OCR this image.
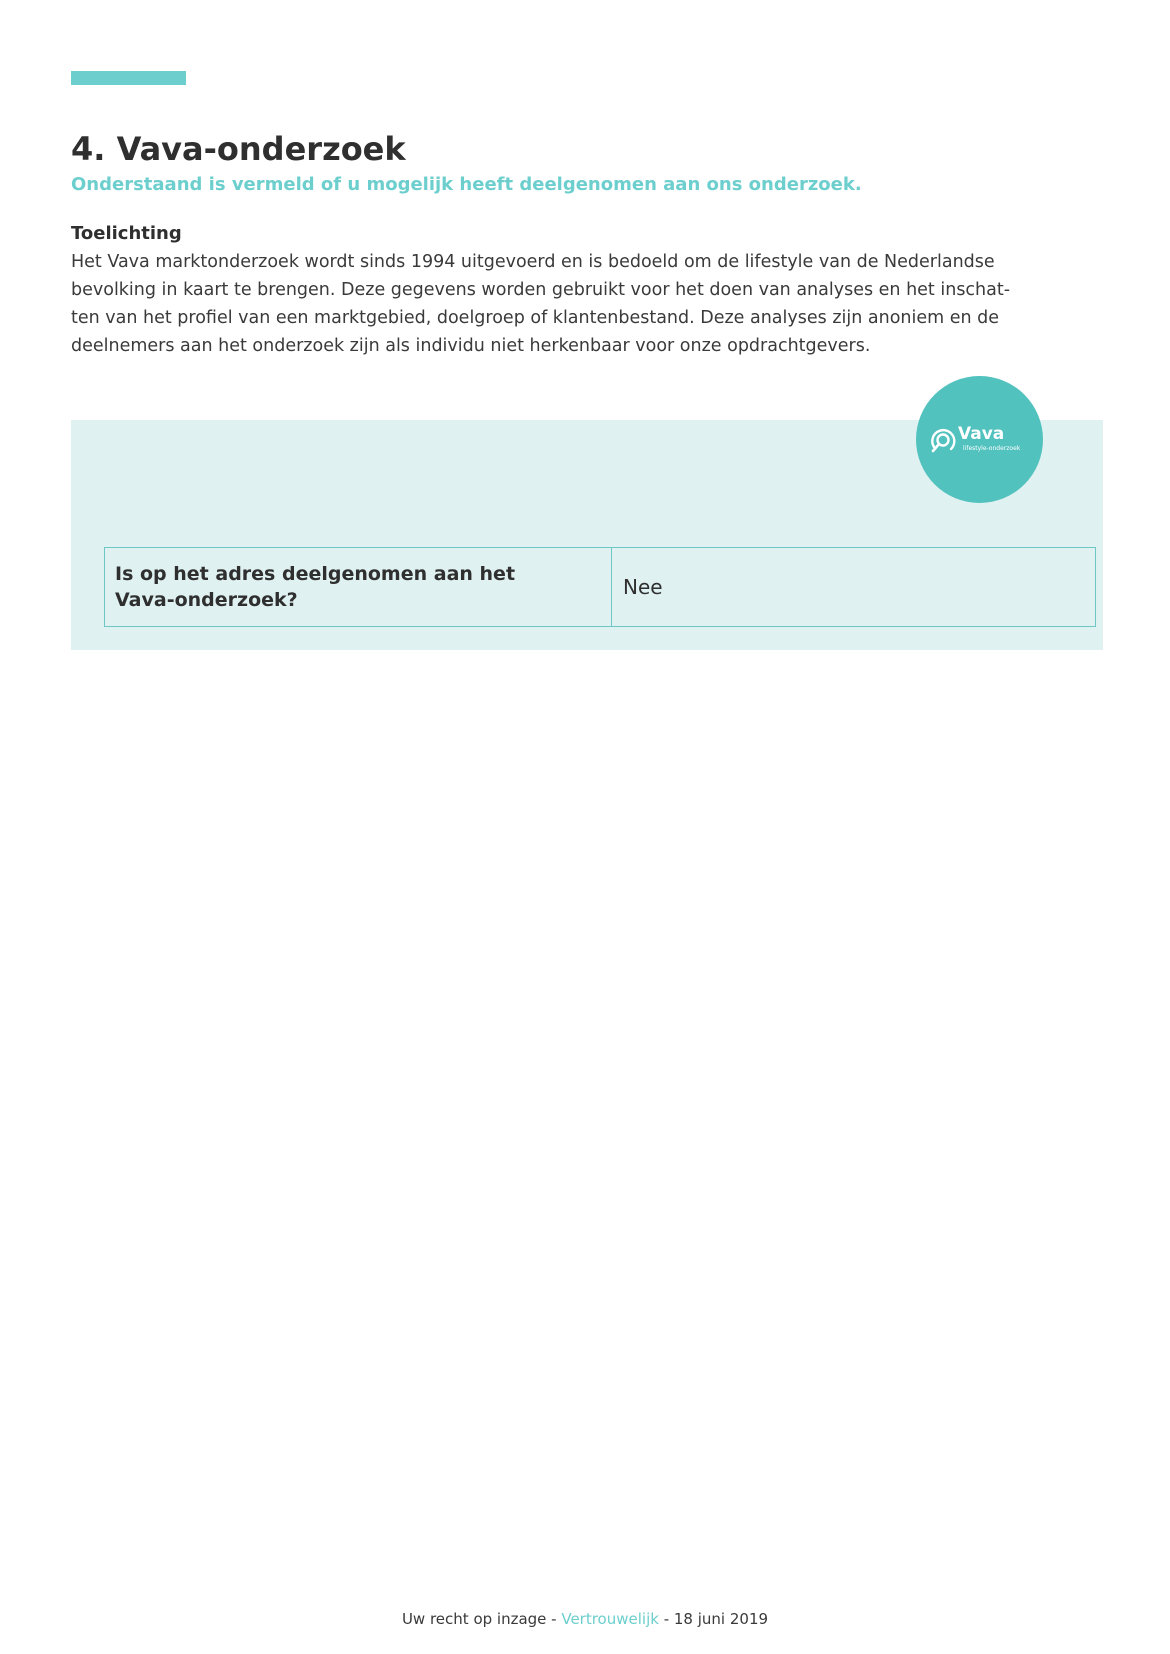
4. Vava-onderzoek

Onderstaand is vermeld of u mogelijk heeft deelgenomen aan ons onderzoek.

Toelichting
Het Vava marktonderzoek wordt sinds 1994 uitgevoerd en is bedoeld om de lifestyle van de Nederlandse
bevolking in kaart te brengen. Deze gegevens worden gebruikt voor het doen van analyses en het inschat-
ten van het profiel van een marktgebied, doelgroep of klantenbestand. Deze analyses zijn anoniem en de
deelnemers aan het onderzoek zijn als individu niet herkenbaar voor onze opdrachtgevers.
Vava
lifestyle-onderzoek
Is op het adres deelgenomen aan het
Vava-onderzoek?	Nee
Uw recht op inzage - Vertrouwelijk - 18 juni 2019
